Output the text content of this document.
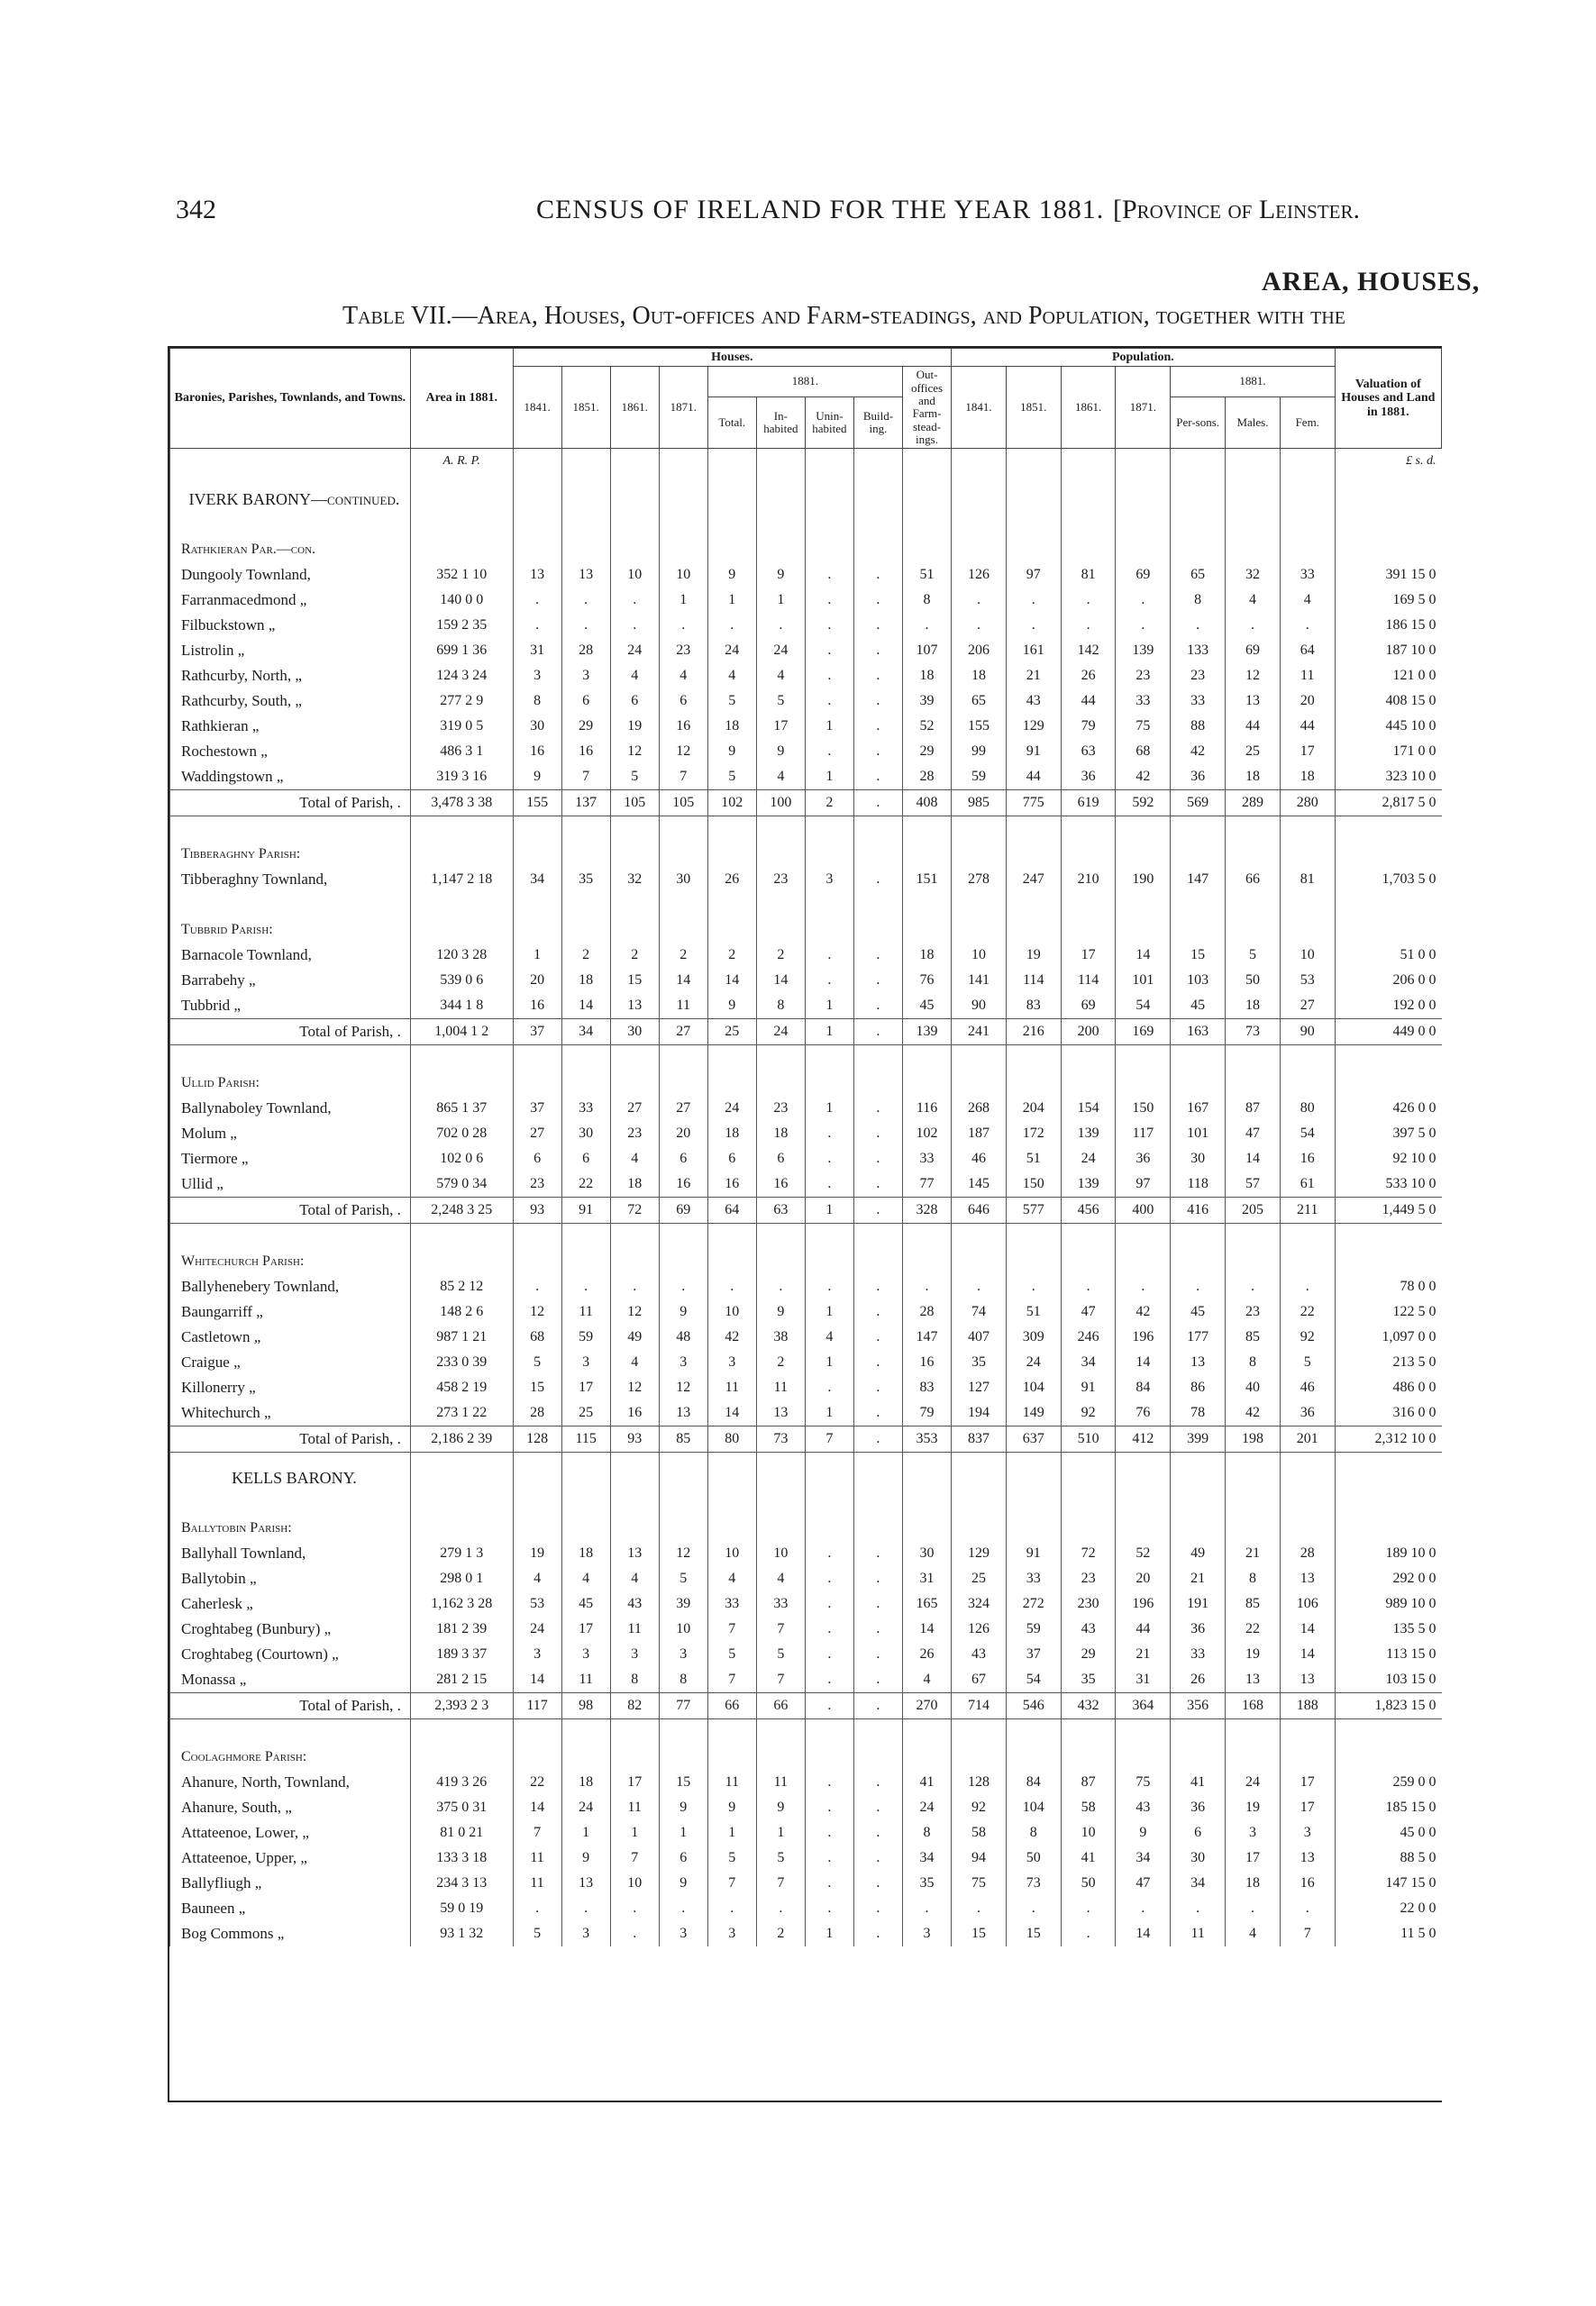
342	CENSUS OF IRELAND FOR THE YEAR 1881. [Province of Leinster.
AREA, HOUSES,
Table VII.—Area, Houses, Out-offices and Farm-steadings, and Population, together with the
Baronies, Parishes, Townlands, and Towns.	Area in 1881.	Houses.									Population.							Valuation of Houses and Land in 1881.
		1841.	1851.	1861.	1871.	1881.				Out-offices and Farm-stead-ings.	1841.	1851.	1861.	1871.	1881.			
						Total.	In-habited	Unin-habited	Build-ing.						Per-sons.	Males.	Fem.	
	A. R. P.																	£ s. d.

IVERK BARONY—continued.																		

Rathkieran Par.—con.																		
Dungooly Townland,	352 1 10	13	13	10	10	9	9	.	.	51	126	97	81	69	65	32	33	391 15 0
Farranmacedmond „	140 0 0	.	.	.	1	1	1	.	.	8	.	.	.	.	8	4	4	169 5 0
Filbuckstown „	159 2 35	.	.	.	.	.	.	.	.	.	.	.	.	.	.	.	.	186 15 0
Listrolin „	699 1 36	31	28	24	23	24	24	.	.	107	206	161	142	139	133	69	64	187 10 0
Rathcurby, North, „	124 3 24	3	3	4	4	4	4	.	.	18	18	21	26	23	23	12	11	121 0 0
Rathcurby, South, „	277 2 9	8	6	6	6	5	5	.	.	39	65	43	44	33	33	13	20	408 15 0
Rathkieran „	319 0 5	30	29	19	16	18	17	1	.	52	155	129	79	75	88	44	44	445 10 0
Rochestown „	486 3 1	16	16	12	12	9	9	.	.	29	99	91	63	68	42	25	17	171 0 0
Waddingstown „	319 3 16	9	7	5	7	5	4	1	.	28	59	44	36	42	36	18	18	323 10 0
Total of Parish, .	3,478 3 38	155	137	105	105	102	100	2	.	408	985	775	619	592	569	289	280	2,817 5 0

Tibberaghny Parish:																		
Tibberaghny Townland,	1,147 2 18	34	35	32	30	26	23	3	.	151	278	247	210	190	147	66	81	1,703 5 0

Tubbrid Parish:																		
Barnacole Townland,	120 3 28	1	2	2	2	2	2	.	.	18	10	19	17	14	15	5	10	51 0 0
Barrabehy „	539 0 6	20	18	15	14	14	14	.	.	76	141	114	114	101	103	50	53	206 0 0
Tubbrid „	344 1 8	16	14	13	11	9	8	1	.	45	90	83	69	54	45	18	27	192 0 0
Total of Parish, .	1,004 1 2	37	34	30	27	25	24	1	.	139	241	216	200	169	163	73	90	449 0 0

Ullid Parish:																		
Ballynaboley Townland,	865 1 37	37	33	27	27	24	23	1	.	116	268	204	154	150	167	87	80	426 0 0
Molum „	702 0 28	27	30	23	20	18	18	.	.	102	187	172	139	117	101	47	54	397 5 0
Tiermore „	102 0 6	6	6	4	6	6	6	.	.	33	46	51	24	36	30	14	16	92 10 0
Ullid „	579 0 34	23	22	18	16	16	16	.	.	77	145	150	139	97	118	57	61	533 10 0
Total of Parish, .	2,248 3 25	93	91	72	69	64	63	1	.	328	646	577	456	400	416	205	211	1,449 5 0

Whitechurch Parish:																		
Ballyhenebery Townland,	85 2 12	.	.	.	.	.	.	.	.	.	.	.	.	.	.	.	.	78 0 0
Baungarriff „	148 2 6	12	11	12	9	10	9	1	.	28	74	51	47	42	45	23	22	122 5 0
Castletown „	987 1 21	68	59	49	48	42	38	4	.	147	407	309	246	196	177	85	92	1,097 0 0
Craigue „	233 0 39	5	3	4	3	3	2	1	.	16	35	24	34	14	13	8	5	213 5 0
Killonerry „	458 2 19	15	17	12	12	11	11	.	.	83	127	104	91	84	86	40	46	486 0 0
Whitechurch „	273 1 22	28	25	16	13	14	13	1	.	79	194	149	92	76	78	42	36	316 0 0
Total of Parish, .	2,186 2 39	128	115	93	85	80	73	7	.	353	837	637	510	412	399	198	201	2,312 10 0

KELLS BARONY.																		

Ballytobin Parish:																		
Ballyhall Townland,	279 1 3	19	18	13	12	10	10	.	.	30	129	91	72	52	49	21	28	189 10 0
Ballytobin „	298 0 1	4	4	4	5	4	4	.	.	31	25	33	23	20	21	8	13	292 0 0
Caherlesk „	1,162 3 28	53	45	43	39	33	33	.	.	165	324	272	230	196	191	85	106	989 10 0
Croghtabeg (Bunbury) „	181 2 39	24	17	11	10	7	7	.	.	14	126	59	43	44	36	22	14	135 5 0
Croghtabeg (Courtown) „	189 3 37	3	3	3	3	5	5	.	.	26	43	37	29	21	33	19	14	113 15 0
Monassa „	281 2 15	14	11	8	8	7	7	.	.	4	67	54	35	31	26	13	13	103 15 0
Total of Parish, .	2,393 2 3	117	98	82	77	66	66	.	.	270	714	546	432	364	356	168	188	1,823 15 0

Coolaghmore Parish:																		
Ahanure, North, Townland,	419 3 26	22	18	17	15	11	11	.	.	41	128	84	87	75	41	24	17	259 0 0
Ahanure, South, „	375 0 31	14	24	11	9	9	9	.	.	24	92	104	58	43	36	19	17	185 15 0
Attateenoe, Lower, „	81 0 21	7	1	1	1	1	1	.	.	8	58	8	10	9	6	3	3	45 0 0
Attateenoe, Upper, „	133 3 18	11	9	7	6	5	5	.	.	34	94	50	41	34	30	17	13	88 5 0
Ballyfliugh „	234 3 13	11	13	10	9	7	7	.	.	35	75	73	50	47	34	18	16	147 15 0
Bauneen „	59 0 19	.	.	.	.	.	.	.	.	.	.	.	.	.	.	.	.	22 0 0
Bog Commons „	93 1 32	5	3	.	3	3	2	1	.	3	15	15	.	14	11	4	7	11 5 0
